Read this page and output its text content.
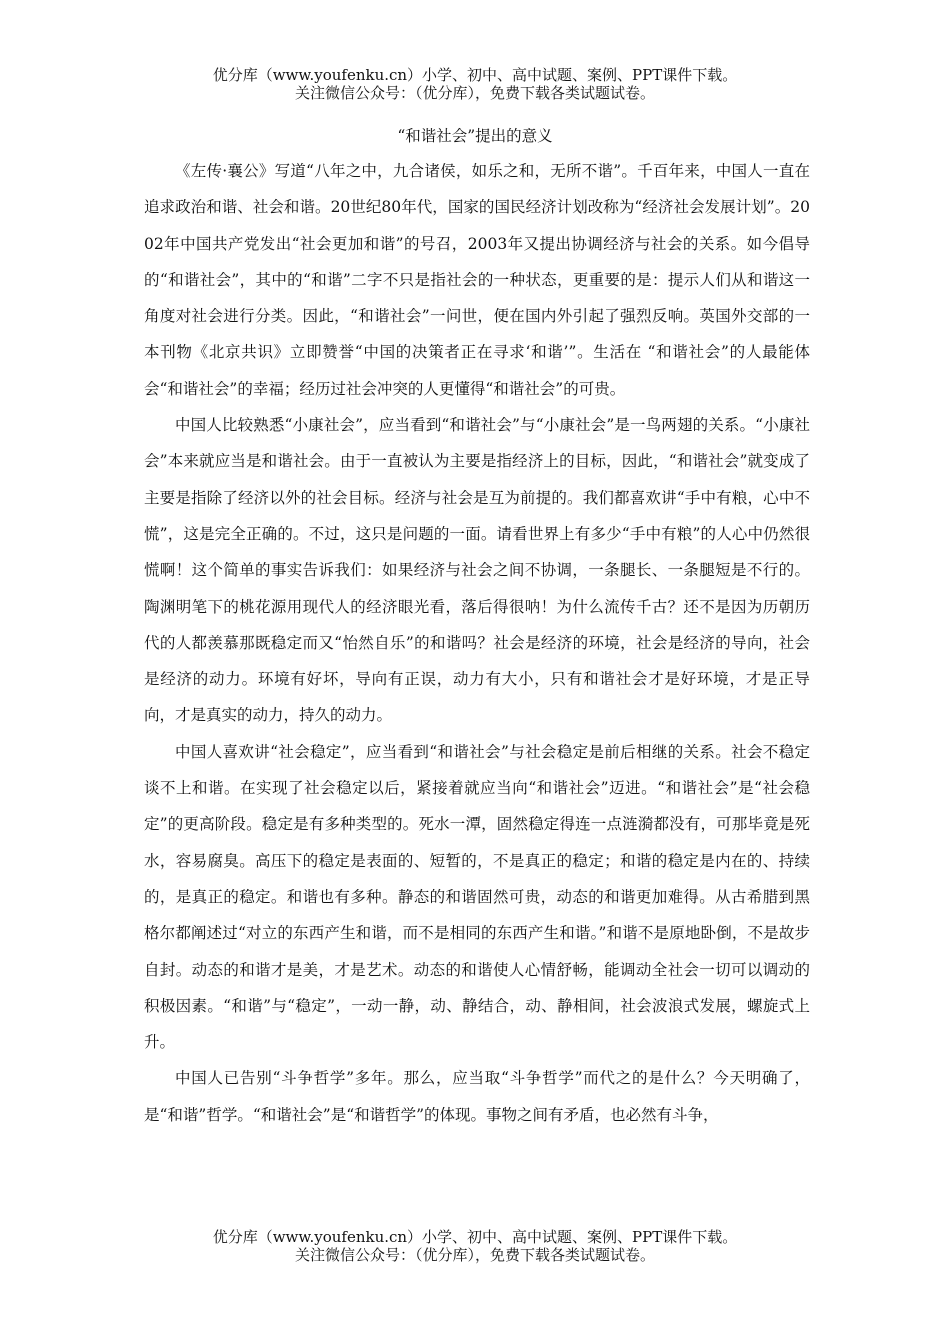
优分库（www.youfenku.cn）小学、初中、高中试题、案例、PPT课件下载。
关注微信公众号：（优分库），免费下载各类试题试卷。
“和谐社会”提出的意义

《左传·襄公》写道“八年之中，九合诸侯，如乐之和，无所不谐”。千百年来，中国人一直在追求政治和谐、社会和谐。20世纪80年代，国家的国民经济计划改称为“经济社会发展计划”。2002年中国共产党发出“社会更加和谐”的号召，2003年又提出协调经济与社会的关系。如今倡导的“和谐社会”，其中的“和谐”二字不只是指社会的一种状态，更重要的是：提示人们从和谐这一角度对社会进行分类。因此，“和谐社会”一问世，便在国内外引起了强烈反响。英国外交部的一本刊物《北京共识》立即赞誉“中国的决策者正在寻求‘和谐’”。生活在 “和谐社会”的人最能体会“和谐社会”的幸福；经历过社会冲突的人更懂得“和谐社会”的可贵。

中国人比较熟悉“小康社会”，应当看到“和谐社会”与“小康社会”是一鸟两翅的关系。“小康社会”本来就应当是和谐社会。由于一直被认为主要是指经济上的目标，因此，“和谐社会”就变成了主要是指除了经济以外的社会目标。经济与社会是互为前提的。我们都喜欢讲“手中有粮，心中不慌”，这是完全正确的。不过，这只是问题的一面。请看世界上有多少“手中有粮”的人心中仍然很慌啊！这个简单的事实告诉我们：如果经济与社会之间不协调，一条腿长、一条腿短是不行的。陶渊明笔下的桃花源用现代人的经济眼光看，落后得很呐！为什么流传千古？还不是因为历朝历代的人都羡慕那既稳定而又“怡然自乐”的和谐吗？社会是经济的环境，社会是经济的导向，社会是经济的动力。环境有好坏，导向有正误，动力有大小，只有和谐社会才是好环境，才是正导向，才是真实的动力，持久的动力。

中国人喜欢讲“社会稳定”，应当看到“和谐社会”与社会稳定是前后相继的关系。社会不稳定谈不上和谐。在实现了社会稳定以后，紧接着就应当向“和谐社会”迈进。“和谐社会”是“社会稳定”的更高阶段。稳定是有多种类型的。死水一潭，固然稳定得连一点涟漪都没有，可那毕竟是死水，容易腐臭。高压下的稳定是表面的、短暂的，不是真正的稳定；和谐的稳定是内在的、持续的，是真正的稳定。和谐也有多种。静态的和谐固然可贵，动态的和谐更加难得。从古希腊到黑格尔都阐述过“对立的东西产生和谐，而不是相同的东西产生和谐。”和谐不是原地卧倒，不是故步自封。动态的和谐才是美，才是艺术。动态的和谐使人心情舒畅，能调动全社会一切可以调动的积极因素。“和谐”与“稳定”，一动一静，动、静结合，动、静相间，社会波浪式发展，螺旋式上升。

中国人已告别“斗争哲学”多年。那么，应当取“斗争哲学”而代之的是什么？今天明确了，是“和谐”哲学。“和谐社会”是“和谐哲学”的体现。事物之间有矛盾，也必然有斗争，

优分库（www.youfenku.cn）小学、初中、高中试题、案例、PPT课件下载。
关注微信公众号：（优分库），免费下载各类试题试卷。
